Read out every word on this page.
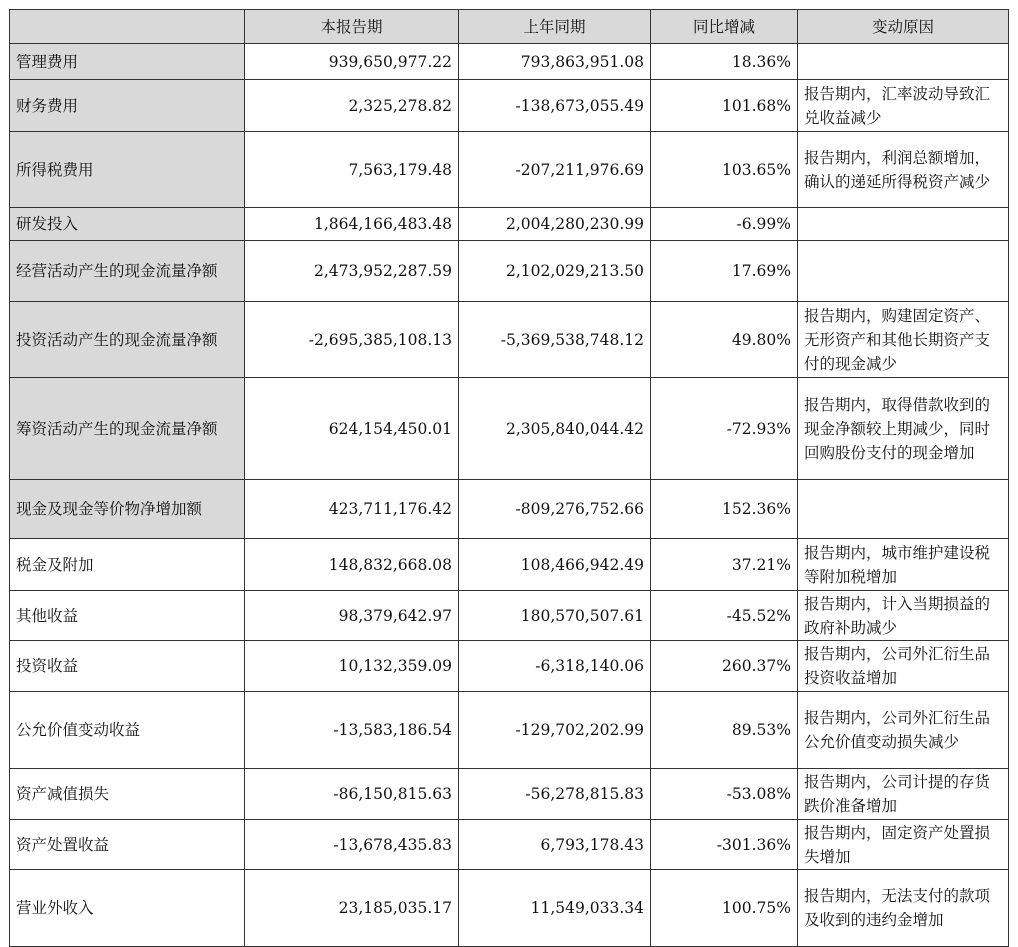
	本报告期	上年同期	同比增减	变动原因
管理费用	939,650,977.22	793,863,951.08	18.36%	
财务费用	2,325,278.82	-138,673,055.49	101.68%	报告期内，汇率波动导致汇兑收益减少
所得税费用	7,563,179.48	-207,211,976.69	103.65%	报告期内，利润总额增加，确认的递延所得税资产减少
研发投入	1,864,166,483.48	2,004,280,230.99	-6.99%	
经营活动产生的现金流量净额	2,473,952,287.59	2,102,029,213.50	17.69%	
投资活动产生的现金流量净额	-2,695,385,108.13	-5,369,538,748.12	49.80%	报告期内，购建固定资产、无形资产和其他长期资产支付的现金减少
筹资活动产生的现金流量净额	624,154,450.01	2,305,840,044.42	-72.93%	报告期内，取得借款收到的现金净额较上期减少，同时回购股份支付的现金增加
现金及现金等价物净增加额	423,711,176.42	-809,276,752.66	152.36%	
税金及附加	148,832,668.08	108,466,942.49	37.21%	报告期内，城市维护建设税等附加税增加
其他收益	98,379,642.97	180,570,507.61	-45.52%	报告期内，计入当期损益的政府补助减少
投资收益	10,132,359.09	-6,318,140.06	260.37%	报告期内，公司外汇衍生品投资收益增加
公允价值变动收益	-13,583,186.54	-129,702,202.99	89.53%	报告期内，公司外汇衍生品公允价值变动损失减少
资产减值损失	-86,150,815.63	-56,278,815.83	-53.08%	报告期内，公司计提的存货跌价准备增加
资产处置收益	-13,678,435.83	6,793,178.43	-301.36%	报告期内，固定资产处置损失增加
营业外收入	23,185,035.17	11,549,033.34	100.75%	报告期内，无法支付的款项及收到的违约金增加
